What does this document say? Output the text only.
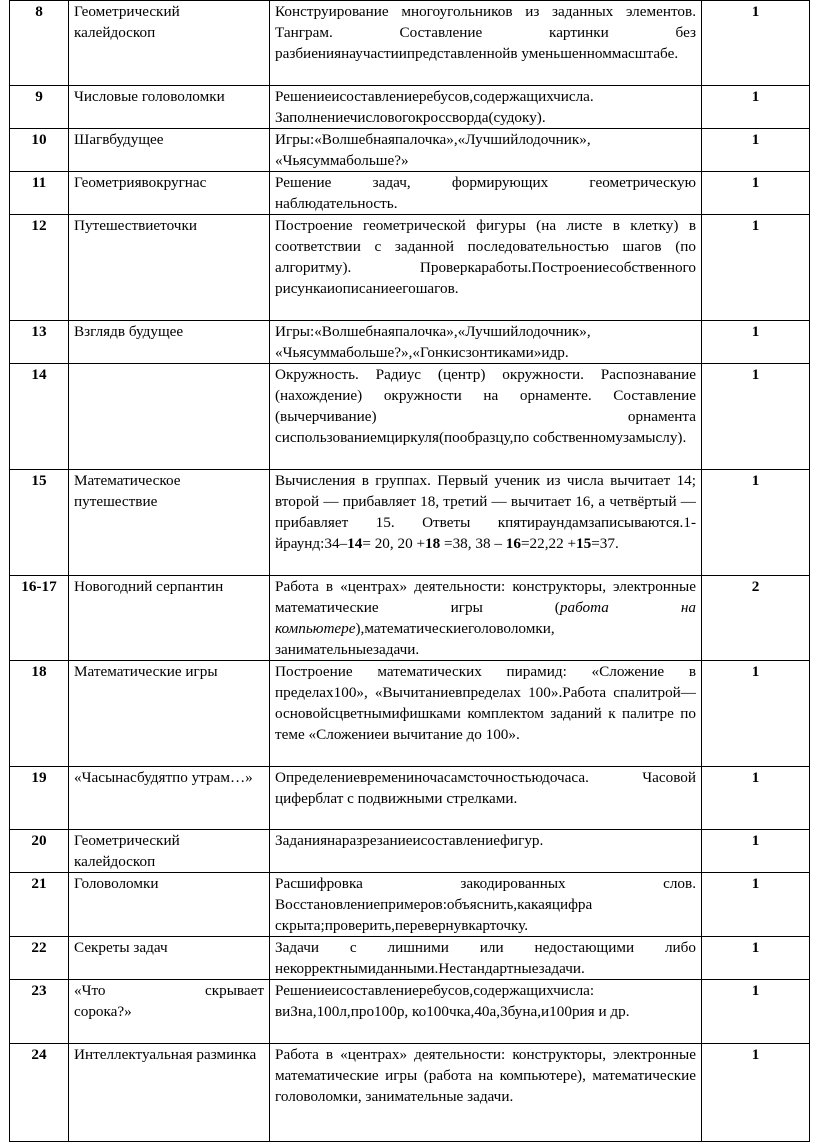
8	Геометрический калейдоскоп	Конструирование многоугольников из заданных элементов. Танграм. Составление картинки без разбиениянаучастиипредставленнойв уменьшенноммасштабе.	1
9	Числовые головоломки	Решениеисоставлениеребусов,содержащихчисла. Заполнениечисловогокроссворда(судоку).	1
10	Шагвбудущее	Игры:«Волшебнаяпалочка»,«Лучшийлодочник», «Чьясуммабольше?»	1
11	Геометриявокругнас	Решение задач, формирующих геометрическую наблюдательность.	1
12	Путешествиеточки	Построение геометрической фигуры (на листе в клетку) в соответствии с заданной последовательностью шагов (по алгоритму). Проверкаработы.Построениесобственного рисункаиописаниеегошагов.	1
13	Взглядв будущее	Игры:«Волшебнаяпалочка»,«Лучшийлодочник», «Чьясуммабольше?»,«Гонкисзонтиками»идр.	1
14		Окружность. Радиус (центр) окружности. Распознавание (нахождение) окружности на орнаменте. Составление (вычерчивание) орнамента сиспользованиемциркуля(пообразцу,по собственномузамыслу).	1
15	Математическое путешествие	Вычисления в группах. Первый ученик из числа вычитает 14; второй — прибавляет 18, третий — вычитает 16, а четвёртый — прибавляет 15. Ответы кпятираундамзаписываются.1-йраунд:34–14= 20, 20 +18 =38, 38 – 16=22,22 +15=37.	1
16-17	Новогодний серпантин	Работа в «центрах» деятельности: конструкторы, электронные математические игры (работа на компьютере),математическиеголоволомки, занимательныезадачи.	2
18	Математические игры	Построение математических пирамид: «Сложение в пределах100», «Вычитаниевпределах 100».Работа спалитрой—основойсцветнымифишками комплектом заданий к палитре по теме «Сложениеи вычитание до 100».	1
19	«Часынасбудятпо утрам…»	Определениевремениночасамсточностьюдочаса. Часовой циферблат с подвижными стрелками.	1
20	Геометрический калейдоскоп	Заданиянаразрезаниеисоставлениефигур.	1
21	Головоломки	Расшифровка закодированных слов. Восстановлениепримеров:объяснить,какаяцифра скрыта;проверить,перевернувкарточку.	1
22	Секреты задач	Задачи с лишними или недостающими либо некорректнымиданными.Нестандартныезадачи.	1
23	«Что скрывает
сорока?»	Решениеисоставлениеребусов,содержащихчисла: виЗна,100л,про100р, ко100чка,40а,3буна,и100рия и др.	1
24	Интеллектуальная разминка	Работа в «центрах» деятельности: конструкторы, электронные математические игры (работа на компьютере), математические головоломки, занимательные задачи.	1
